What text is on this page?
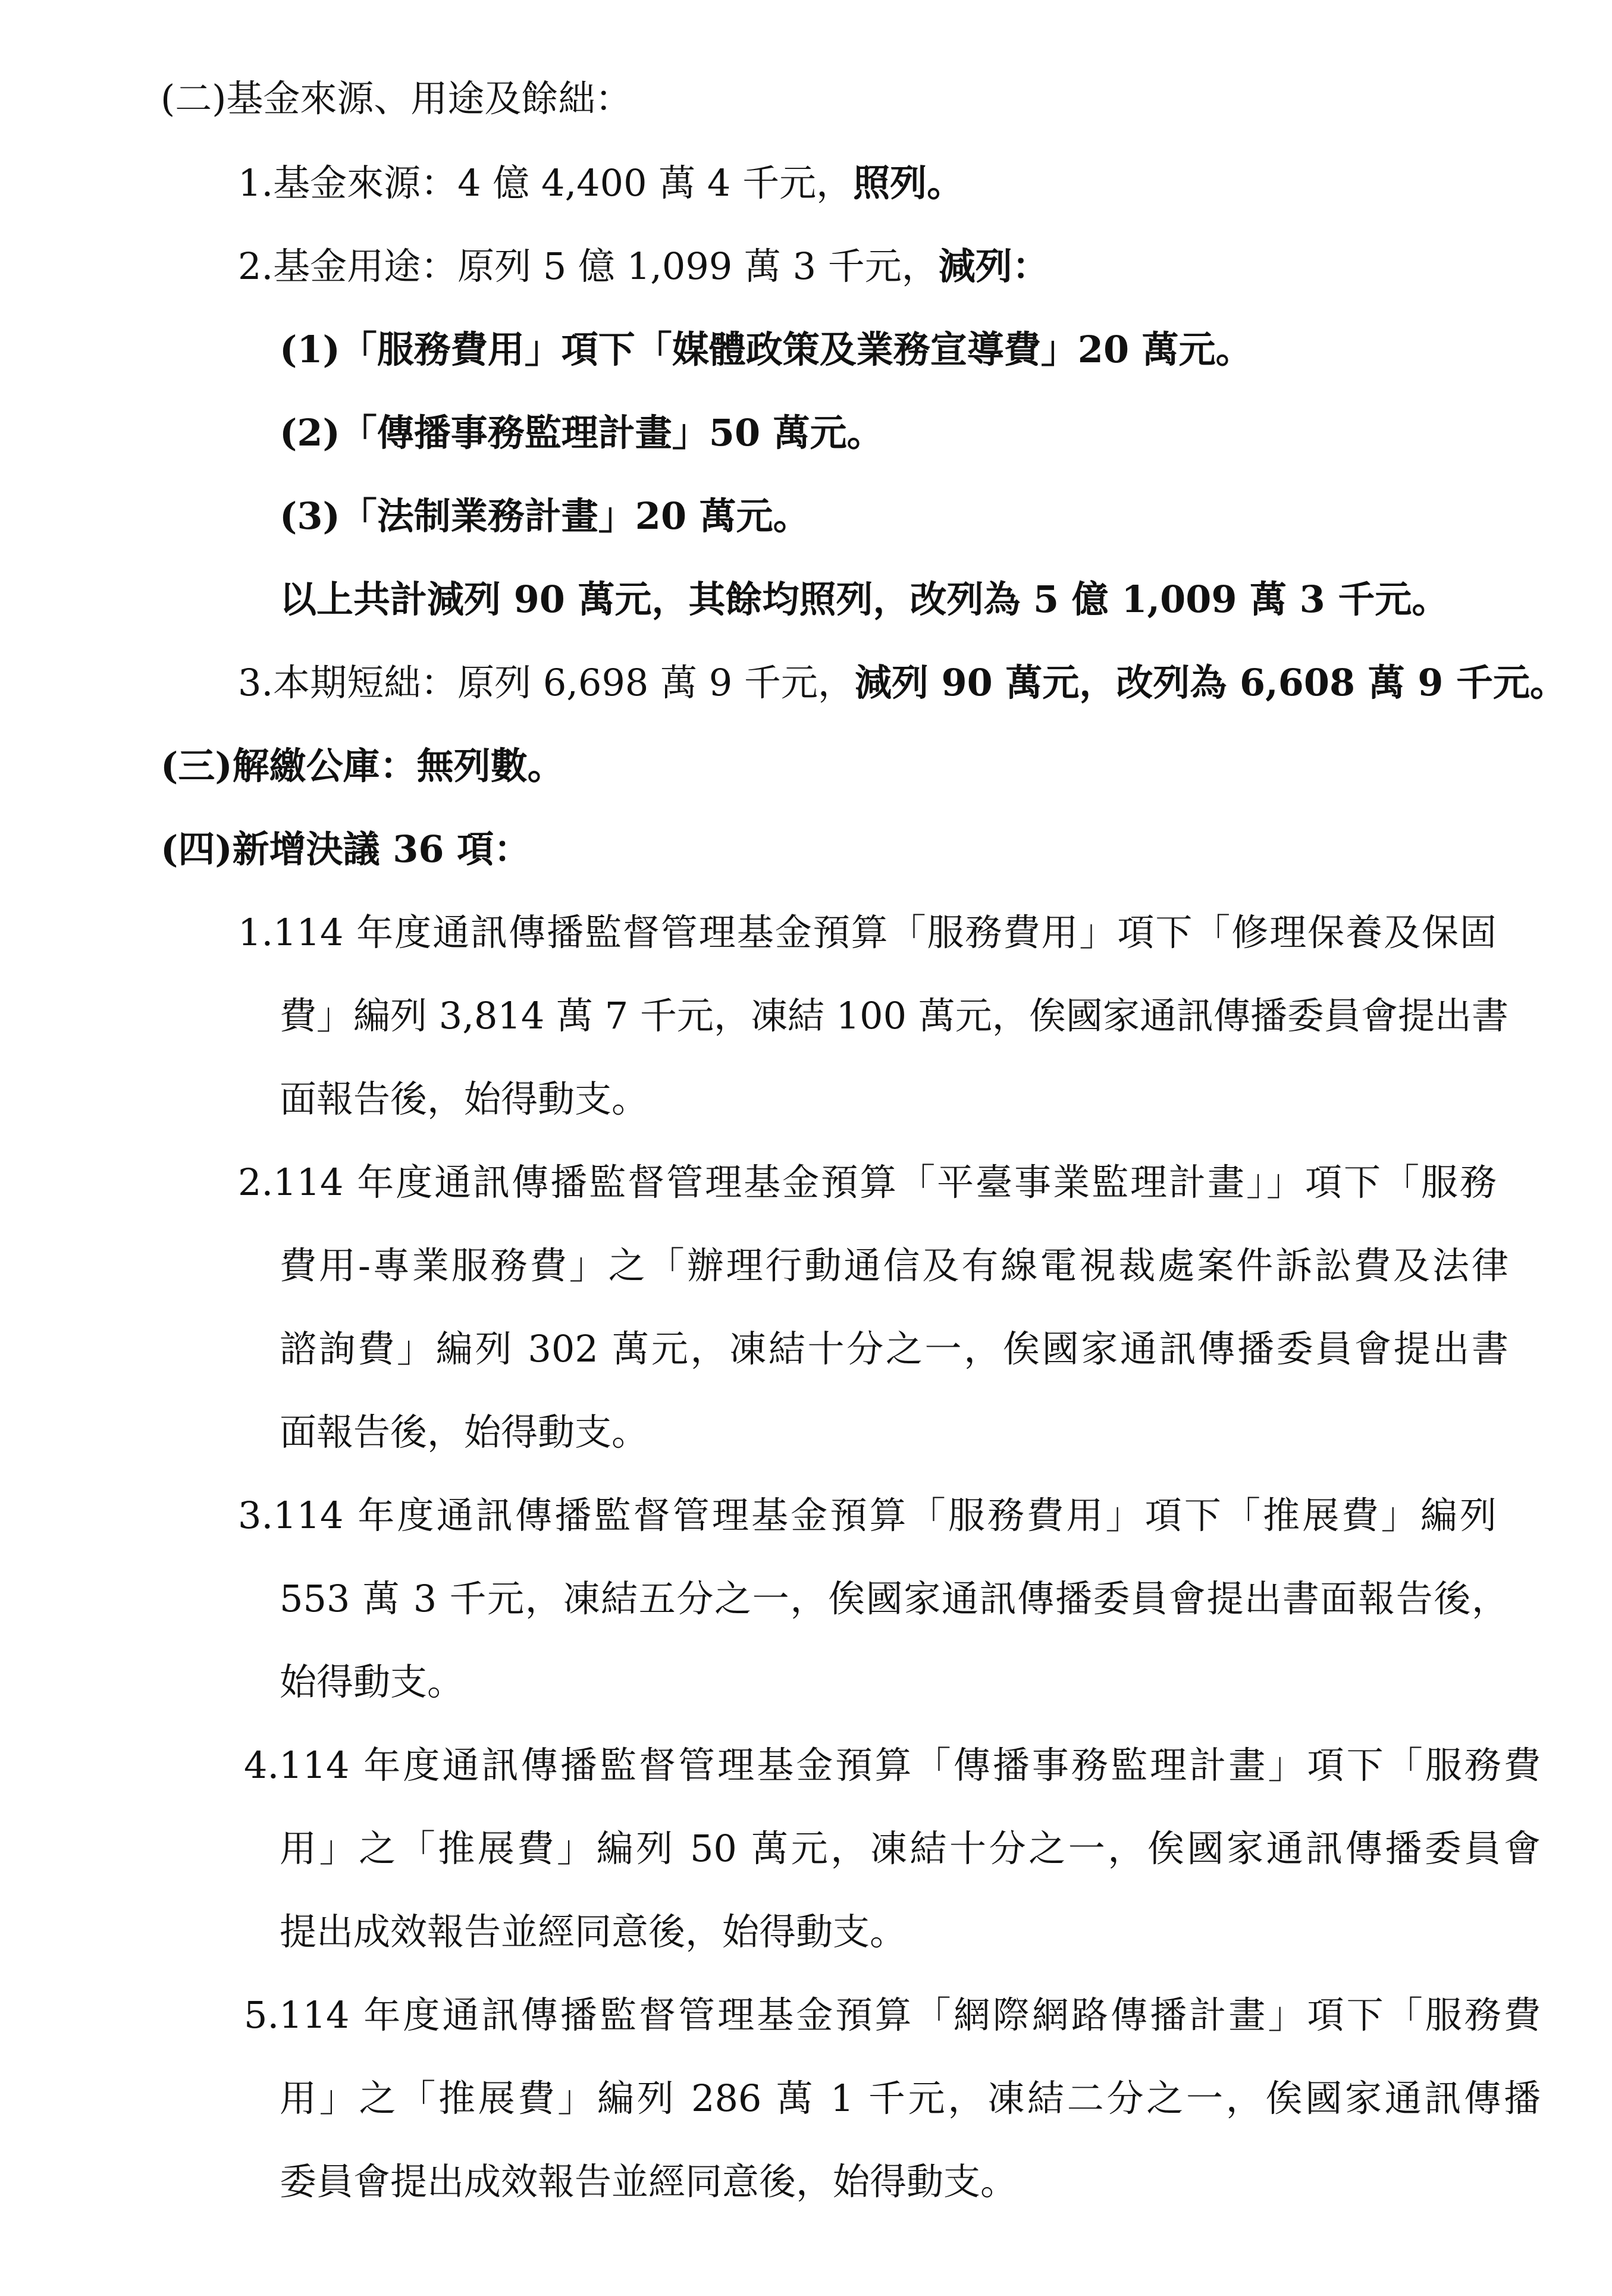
(二)基金來源、用途及餘絀：
1.基金來源：4 億 4,400 萬 4 千元，照列。
2.基金用途：原列 5 億 1,099 萬 3 千元，減列：
(1)「服務費用」項下「媒體政策及業務宣導費」20 萬元。
(2)「傳播事務監理計畫」50 萬元。
(3)「法制業務計畫」20 萬元。
以上共計減列 90 萬元，其餘均照列，改列為 5 億 1,009 萬 3 千元。
3.本期短絀：原列 6,698 萬 9 千元，減列 90 萬元，改列為 6,608 萬 9 千元。
(三)解繳公庫：無列數。
(四)新增決議 36 項：
1.114 年度通訊傳播監督管理基金預算「服務費用」項下「修理保養及保固
費」編列 3,814 萬 7 千元，凍結 100 萬元，俟國家通訊傳播委員會提出書
面報告後，始得動支。
2.114 年度通訊傳播監督管理基金預算「平臺事業監理計畫」」項下「服務
費用-專業服務費」之「辦理行動通信及有線電視裁處案件訴訟費及法律
諮詢費」編列 302 萬元，凍結十分之一，俟國家通訊傳播委員會提出書
面報告後，始得動支。
3.114 年度通訊傳播監督管理基金預算「服務費用」項下「推展費」編列
553 萬 3 千元，凍結五分之一，俟國家通訊傳播委員會提出書面報告後，
始得動支。
4.114 年度通訊傳播監督管理基金預算「傳播事務監理計畫」項下「服務費
用」之「推展費」編列 50 萬元，凍結十分之一，俟國家通訊傳播委員會
提出成效報告並經同意後，始得動支。
5.114 年度通訊傳播監督管理基金預算「網際網路傳播計畫」項下「服務費
用」之「推展費」編列 286 萬 1 千元，凍結二分之一，俟國家通訊傳播
委員會提出成效報告並經同意後，始得動支。
